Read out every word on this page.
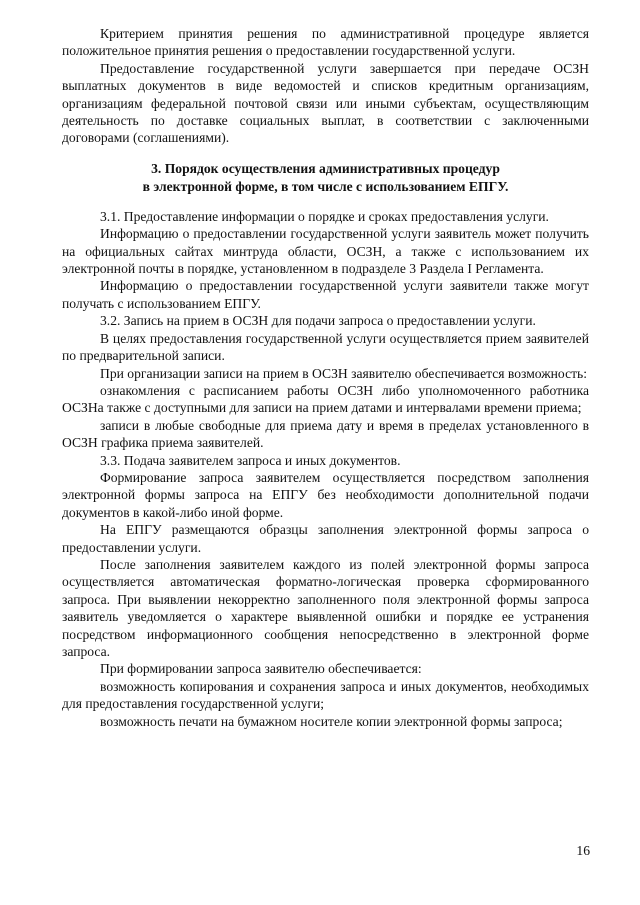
Критерием принятия решения по административной процедуре является положительное принятия решения о предоставлении государственной услуги.

Предоставление государственной услуги завершается при передаче ОСЗН выплатных документов в виде ведомостей и списков кредитным организациям, организациям федеральной почтовой связи или иными субъектам, осуществляющим деятельность по доставке социальных выплат, в соответствии с заключенными договорами (соглашениями).

3. Порядок осуществления административных процедур
в электронной форме, в том числе с использованием ЕПГУ.

3.1. Предоставление информации о порядке и сроках предоставления услуги.

Информацию о предоставлении государственной услуги заявитель может получить на официальных сайтах минтруда области, ОСЗН, а также с использованием их электронной почты в порядке, установленном в подразделе 3 Раздела I Регламента.

Информацию о предоставлении государственной услуги заявители также могут получать с использованием ЕПГУ.

3.2. Запись на прием в ОСЗН для подачи запроса о предоставлении услуги.

В целях предоставления государственной услуги осуществляется прием заявителей по предварительной записи.

При организации записи на прием в ОСЗН заявителю обеспечивается возможность:

ознакомления с расписанием работы ОСЗН либо уполномоченного работника ОСЗНа также с доступными для записи на прием датами и интервалами времени приема;

записи в любые свободные для приема дату и время в пределах установленного в ОСЗН графика приема заявителей.

3.3. Подача заявителем запроса и иных документов.

Формирование запроса заявителем осуществляется посредством заполнения электронной формы запроса на ЕПГУ без необходимости дополнительной подачи документов в какой-либо иной форме.

На ЕПГУ размещаются образцы заполнения электронной формы запроса о предоставлении услуги.

После заполнения заявителем каждого из полей электронной формы запроса осуществляется автоматическая форматно-логическая проверка сформированного запроса. При выявлении некорректно заполненного поля электронной формы запроса заявитель уведомляется о характере выявленной ошибки и порядке ее устранения посредством информационного сообщения непосредственно в электронной форме запроса.

При формировании запроса заявителю обеспечивается:

возможность копирования и сохранения запроса и иных документов, необходимых для предоставления государственной услуги;

возможность печати на бумажном носителе копии электронной формы запроса;

16
